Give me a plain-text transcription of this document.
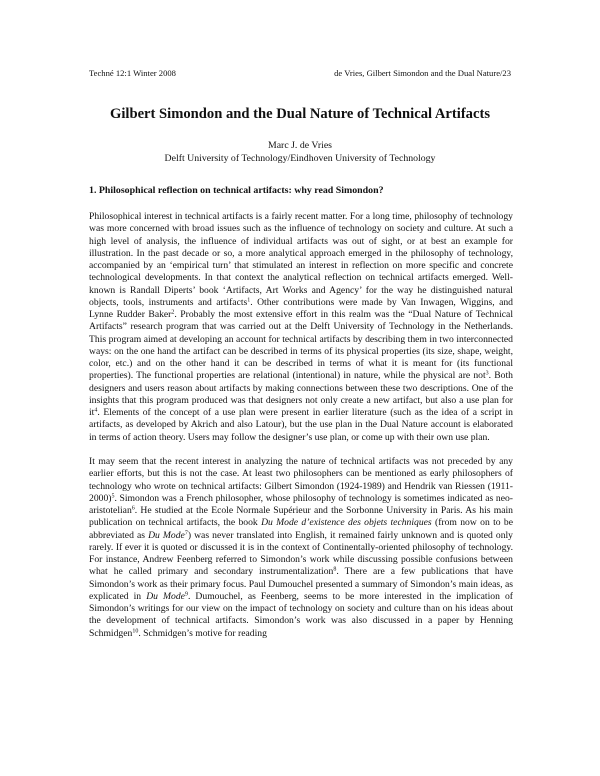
Techné 12:1 Winter 2008	de Vries, Gilbert Simondon and the Dual Nature/23
Gilbert Simondon and the Dual Nature of Technical Artifacts
Marc J. de Vries
Delft University of Technology/Eindhoven University of Technology
1. Philosophical reflection on technical artifacts: why read Simondon?

Philosophical interest in technical artifacts is a fairly recent matter. For a long time, philosophy of technology was more concerned with broad issues such as the influence of technology on society and culture. At such a high level of analysis, the influence of individual artifacts was out of sight, or at best an example for illustration. In the past decade or so, a more analytical approach emerged in the philosophy of technology, accompanied by an ‘empirical turn’ that stimulated an interest in reflection on more specific and concrete technological developments. In that context the analytical reflection on technical artifacts emerged. Well-known is Randall Diperts’ book ‘Artifacts, Art Works and Agency’ for the way he distinguished natural objects, tools, instruments and artifacts$^1$. Other contributions were made by Van Inwagen, Wiggins, and Lynne Rudder Baker$^2$. Probably the most extensive effort in this realm was the “Dual Nature of Technical Artifacts” research program that was carried out at the Delft University of Technology in the Netherlands. This program aimed at developing an account for technical artifacts by describing them in two interconnected ways: on the one hand the artifact can be described in terms of its physical properties (its size, shape, weight, color, etc.) and on the other hand it can be described in terms of what it is meant for (its functional properties). The functional properties are relational (intentional) in nature, while the physical are not$^3$. Both designers and users reason about artifacts by making connections between these two descriptions. One of the insights that this program produced was that designers not only create a new artifact, but also a use plan for $it^4$. Elements of the concept of a use plan were present in earlier literature (such as the idea of a script in artifacts, as developed by Akrich and also Latour), but the use plan in the Dual Nature account is elaborated in terms of action theory. Users may follow the designer’s use plan, or come up with their own use plan.

It may seem that the recent interest in analyzing the nature of technical artifacts was not preceded by any earlier efforts, but this is not the case. At least two philosophers can be mentioned as early philosophers of technology who wrote on technical artifacts: Gilbert Simondon (1924-1989) and Hendrik van Riessen (1911-2000)$^5$. Simondon was a French philosopher, whose philosophy of technology is sometimes indicated as neo-aristotelian$^6$. He studied at the Ecole Normale Supérieur and the Sorbonne University in Paris. As his main publication on technical artifacts, the book Du Mode d’existence des objets techniques (from now on to be abbreviated as Du Mode$^7$) was never translated into English, it remained fairly unknown and is quoted only rarely. If ever it is quoted or discussed it is in the context of Continentally-oriented philosophy of technology. For instance, Andrew Feenberg referred to Simondon’s work while discussing possible confusions between what he called primary and secondary instrumentalization$^8$. There are a few publications that have Simondon’s work as their primary focus. Paul Dumouchel presented a summary of Simondon’s main ideas, as explicated in Du Mode$^9$. Dumouchel, as Feenberg, seems to be more interested in the implication of Simondon’s writings for our view on the impact of technology on society and culture than on his ideas about the development of technical artifacts. Simondon’s work was also discussed in a paper by Henning Schmidgen$^{10}$. Schmidgen’s motive for reading
